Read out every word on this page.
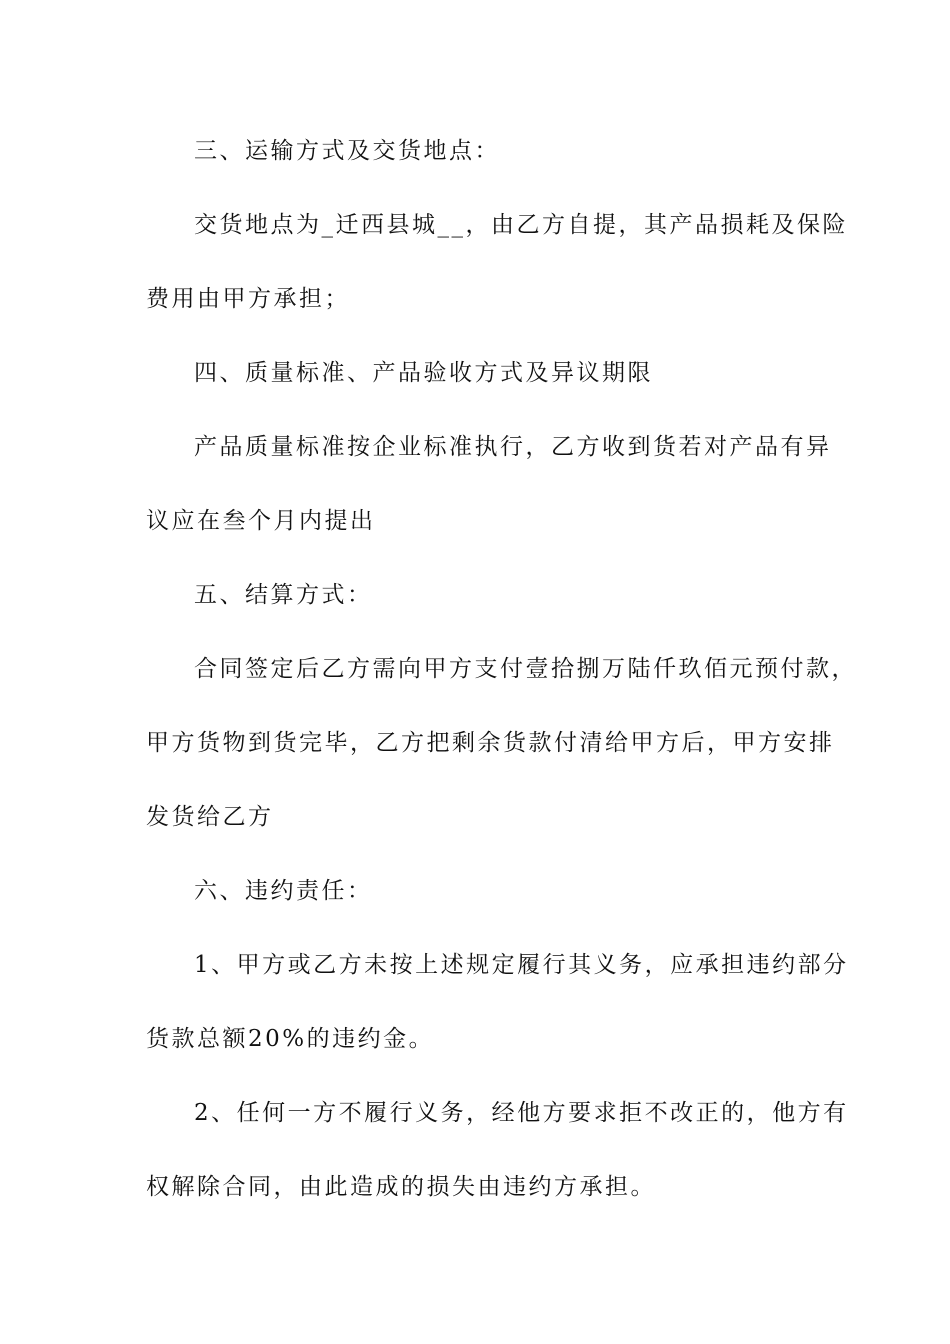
三、运输方式及交货地点：
交货地点为_迁西县城__，由乙方自提，其产品损耗及保险
费用由甲方承担；
四、质量标准、产品验收方式及异议期限
产品质量标准按企业标准执行，乙方收到货若对产品有异
议应在叁个月内提出
五、结算方式：
合同签定后乙方需向甲方支付壹拾捌万陆仟玖佰元预付款，
甲方货物到货完毕，乙方把剩余货款付清给甲方后，甲方安排
发货给乙方
六、违约责任：
1、甲方或乙方未按上述规定履行其义务，应承担违约部分
货款总额20%的违约金。
2、任何一方不履行义务，经他方要求拒不改正的，他方有
权解除合同，由此造成的损失由违约方承担。
